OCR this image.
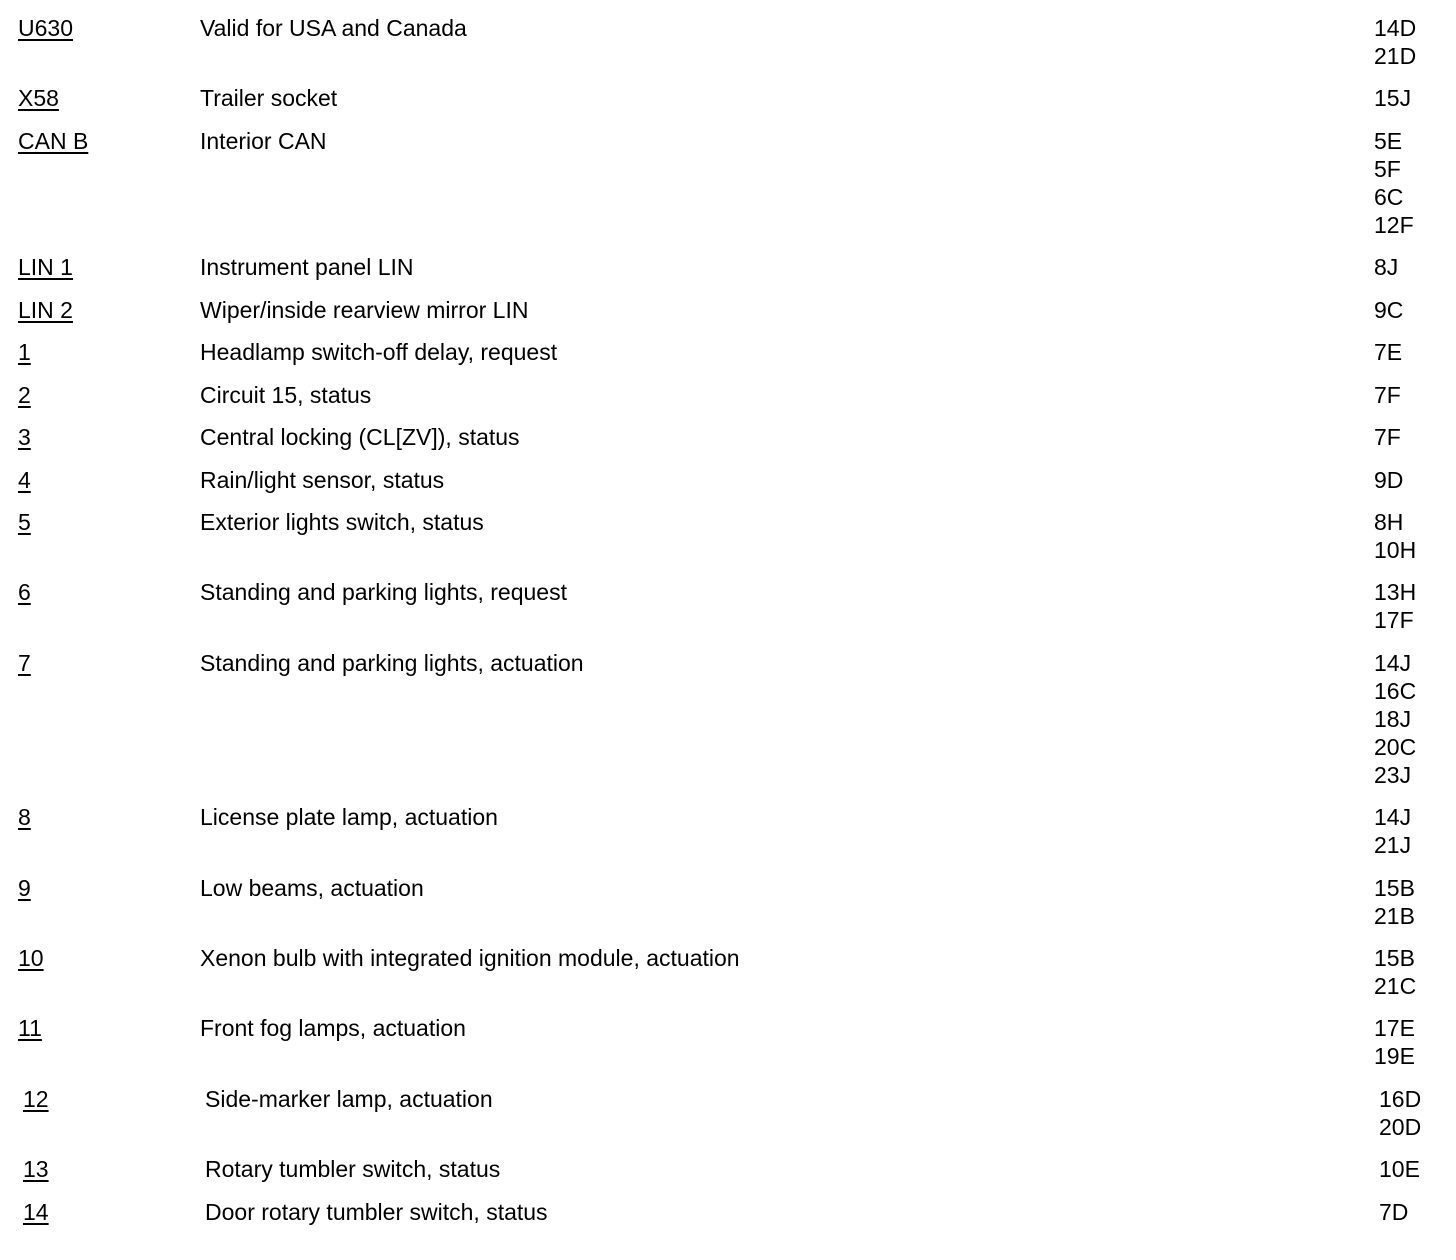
U630	Valid for USA and Canada	14D
21D
X58	Trailer socket	15J
CAN B	Interior CAN	5E
5F
6C
12F
LIN 1	Instrument panel LIN	8J
LIN 2	Wiper/inside rearview mirror LIN	9C
1	Headlamp switch-off delay, request	7E
2	Circuit 15, status	7F
3	Central locking (CL[ZV]), status	7F
4	Rain/light sensor, status	9D
5	Exterior lights switch, status	8H
10H
6	Standing and parking lights, request	13H
17F
7	Standing and parking lights, actuation	14J
16C
18J
20C
23J
8	License plate lamp, actuation	14J
21J
9	Low beams, actuation	15B
21B
10	Xenon bulb with integrated ignition module, actuation	15B
21C
11	Front fog lamps, actuation	17E
19E
12	Side-marker lamp, actuation	16D
20D
13	Rotary tumbler switch, status	10E
14	Door rotary tumbler switch, status	7D
